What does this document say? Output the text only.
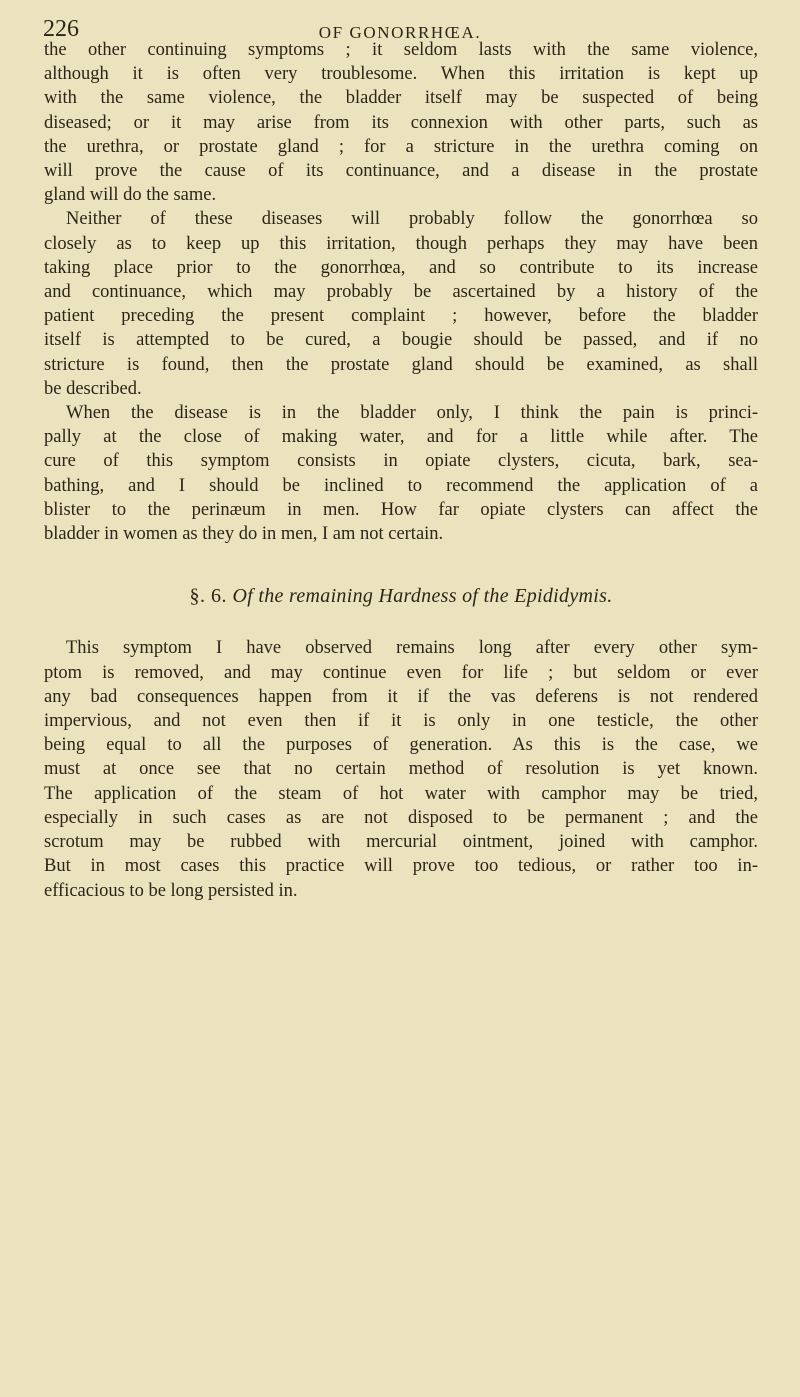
226	OF GONORRHŒA.
the other continuing symptoms ; it seldom lasts with the same violence,
although it is often very troublesome. When this irritation is kept up
with the same violence, the bladder itself may be suspected of being
diseased; or it may arise from its connexion with other parts, such as
the urethra, or prostate gland ; for a stricture in the urethra coming on
will prove the cause of its continuance, and a disease in the prostate
gland will do the same.
Neither of these diseases will probably follow the gonorrhœa so
closely as to keep up this irritation, though perhaps they may have been
taking place prior to the gonorrhœa, and so contribute to its increase
and continuance, which may probably be ascertained by a history of the
patient preceding the present complaint ; however, before the bladder
itself is attempted to be cured, a bougie should be passed, and if no
stricture is found, then the prostate gland should be examined, as shall
be described.
When the disease is in the bladder only, I think the pain is princi-
pally at the close of making water, and for a little while after. The
cure of this symptom consists in opiate clysters, cicuta, bark, sea-
bathing, and I should be inclined to recommend the application of a
blister to the perinæum in men. How far opiate clysters can affect the
bladder in women as they do in men, I am not certain.
§. 6. Of the remaining Hardness of the Epididymis.
This symptom I have observed remains long after every other sym-
ptom is removed, and may continue even for life ; but seldom or ever
any bad consequences happen from it if the vas deferens is not rendered
impervious, and not even then if it is only in one testicle, the other
being equal to all the purposes of generation. As this is the case, we
must at once see that no certain method of resolution is yet known.
The application of the steam of hot water with camphor may be tried,
especially in such cases as are not disposed to be permanent ; and the
scrotum may be rubbed with mercurial ointment, joined with camphor.
But in most cases this practice will prove too tedious, or rather too in-
efficacious to be long persisted in.
